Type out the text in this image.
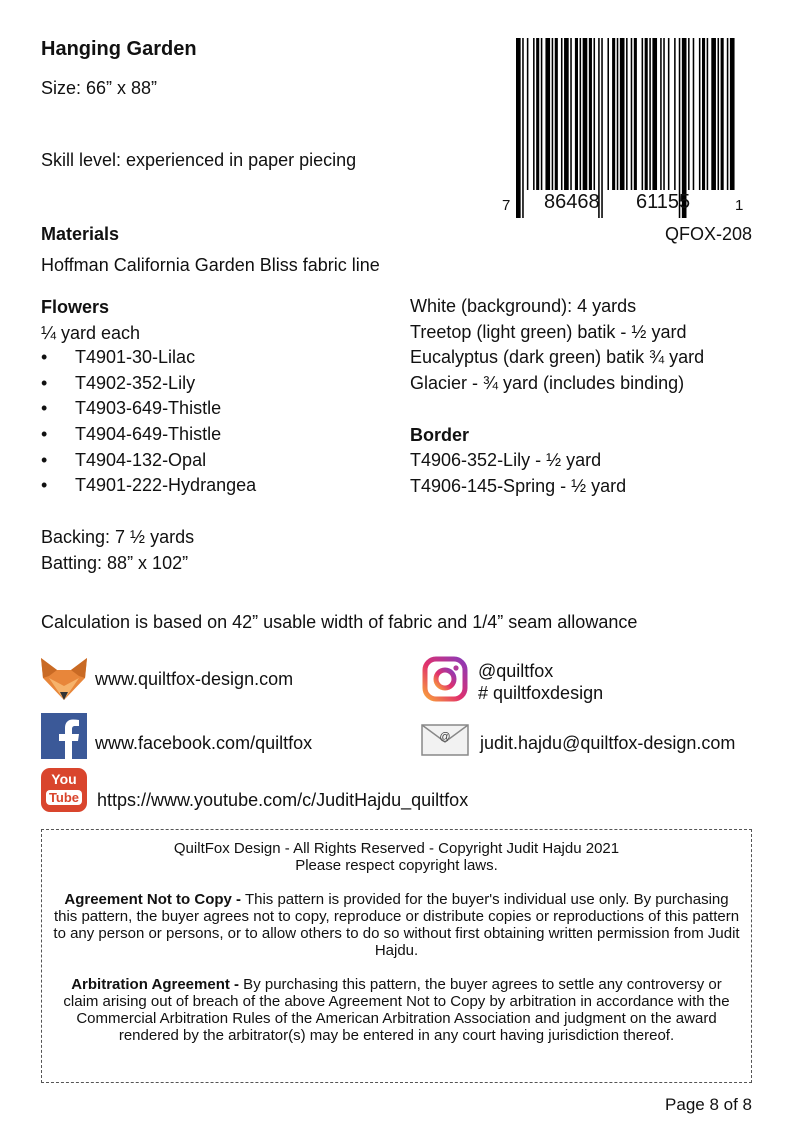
Hanging Garden
Size: 66” x 88”
Skill level: experienced in paper piecing
7 86468 61155	1
QFOX-208
Materials
Hoffman California Garden Bliss fabric line
Flowers
¼ yard each
• T4901-30-Lilac
• T4902-352-Lily
• T4903-649-Thistle
• T4904-649-Thistle
• T4904-132-Opal
• T4901-222-Hydrangea
White (background): 4 yards
Treetop (light green) batik - ½ yard
Eucalyptus (dark green) batik ¾ yard
Glacier - ¾ yard (includes binding)
Border
T4906-352-Lily - ½ yard
T4906-145-Spring - ½ yard
Backing: 7 ½ yards
Batting: 88” x 102”
Calculation is based on 42” usable width of fabric and 1/4” seam allowance
www.quiltfox-design.com
www.facebook.com/quiltfox
You
Tube https://www.youtube.com/c/JuditHajdu_quiltfox
@quiltfox
# quiltfoxdesign
@ judit.hajdu@quiltfox-design.com

QuiltFox Design - All Rights Reserved - Copyright Judit Hajdu 2021
Please respect copyright laws.

Agreement Not to Copy - This pattern is provided for the buyer's individual use only. By purchasing this pattern, the buyer agrees not to copy, reproduce or distribute copies or reproductions of this pattern to any person or persons, or to allow others to do so without first obtaining written permission from Judit Hajdu.

Arbitration Agreement - By purchasing this pattern, the buyer agrees to settle any controversy or claim arising out of breach of the above Agreement Not to Copy by arbitration in accordance with the Commercial Arbitration Rules of the American Arbitration Association and judgment on the award rendered by the arbitrator(s) may be entered in any court having jurisdiction thereof.

Page 8 of 8
